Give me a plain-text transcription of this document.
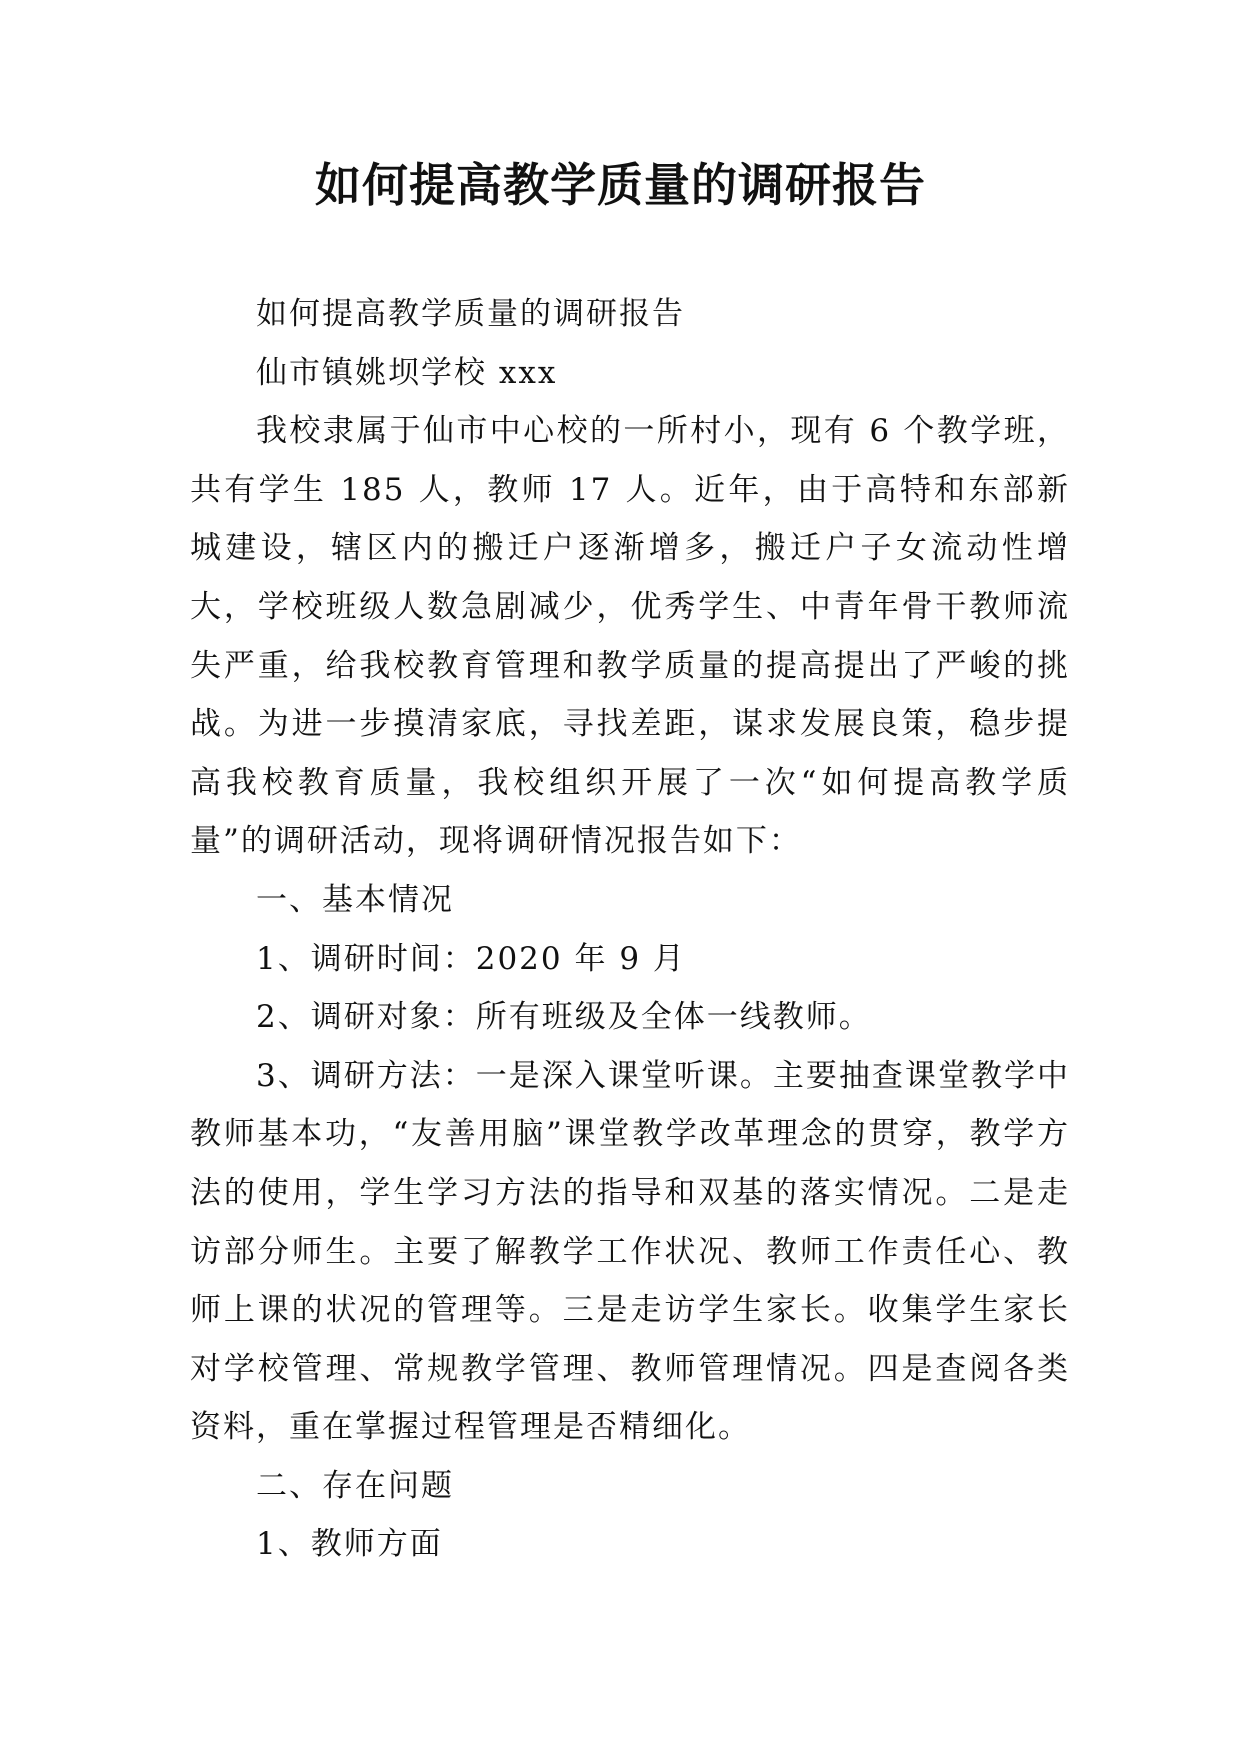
如何提高教学质量的调研报告

如何提高教学质量的调研报告

仙市镇姚坝学校 xxx

我校隶属于仙市中心校的一所村小，现有 6 个教学班，共有学生 185 人，教师 17 人。近年，由于高特和东部新城建设，辖区内的搬迁户逐渐增多，搬迁户子女流动性增大，学校班级人数急剧减少，优秀学生、中青年骨干教师流失严重，给我校教育管理和教学质量的提高提出了严峻的挑战。为进一步摸清家底，寻找差距，谋求发展良策，稳步提高我校教育质量，我校组织开展了一次“如何提高教学质量”的调研活动，现将调研情况报告如下：

一、基本情况

1、调研时间：2020 年 9 月

2、调研对象：所有班级及全体一线教师。

3、调研方法：一是深入课堂听课。主要抽查课堂教学中教师基本功，“友善用脑”课堂教学改革理念的贯穿，教学方法的使用，学生学习方法的指导和双基的落实情况。二是走访部分师生。主要了解教学工作状况、教师工作责任心、教师上课的状况的管理等。三是走访学生家长。收集学生家长对学校管理、常规教学管理、教师管理情况。四是查阅各类资料，重在掌握过程管理是否精细化。

二、存在问题

1、教师方面
